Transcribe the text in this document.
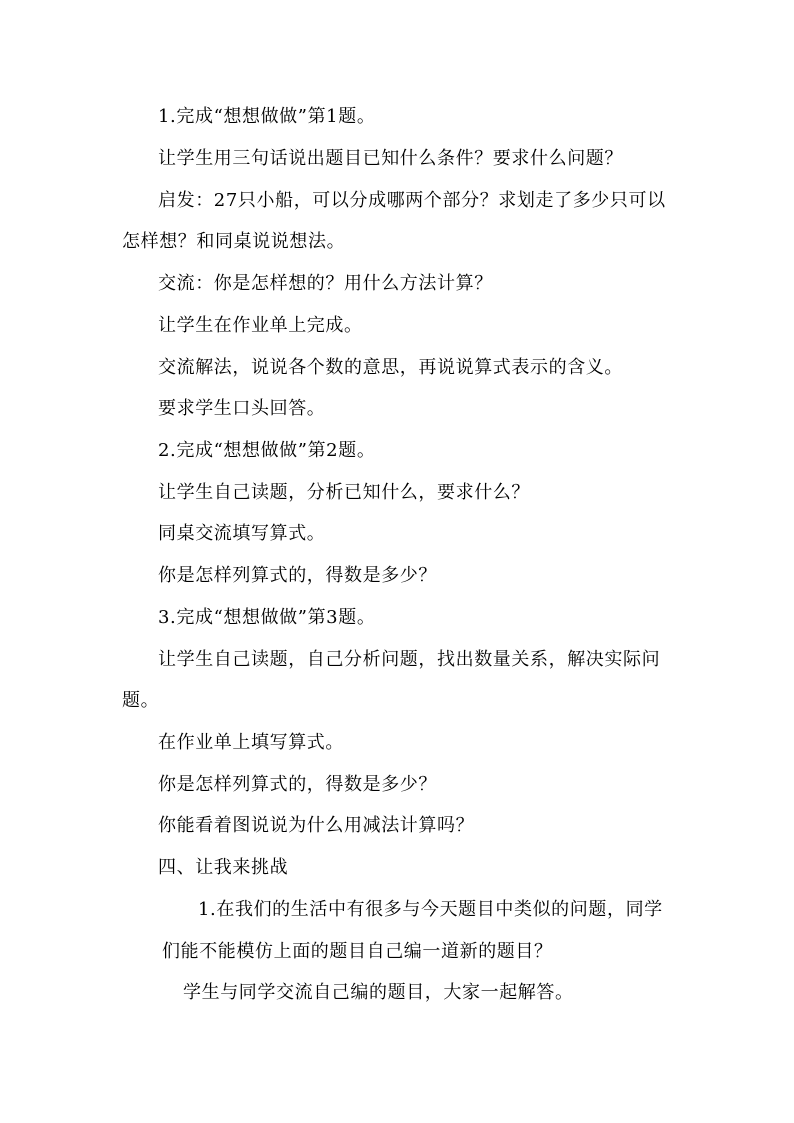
1.完成“想想做做”第1题。
让学生用三句话说出题目已知什么条件？要求什么问题？
启发：27只小船，可以分成哪两个部分？求划走了多少只可以
怎样想？和同桌说说想法。
交流：你是怎样想的？用什么方法计算？
让学生在作业单上完成。
交流解法，说说各个数的意思，再说说算式表示的含义。
要求学生口头回答。
2.完成“想想做做”第2题。
让学生自己读题，分析已知什么，要求什么？
同桌交流填写算式。
你是怎样列算式的，得数是多少？
3.完成“想想做做”第3题。
让学生自己读题，自己分析问题，找出数量关系，解决实际问
题。
在作业单上填写算式。
你是怎样列算式的，得数是多少？
你能看着图说说为什么用减法计算吗？
四、让我来挑战
1.在我们的生活中有很多与今天题目中类似的问题，同学
们能不能模仿上面的题目自己编一道新的题目？
学生与同学交流自己编的题目，大家一起解答。
